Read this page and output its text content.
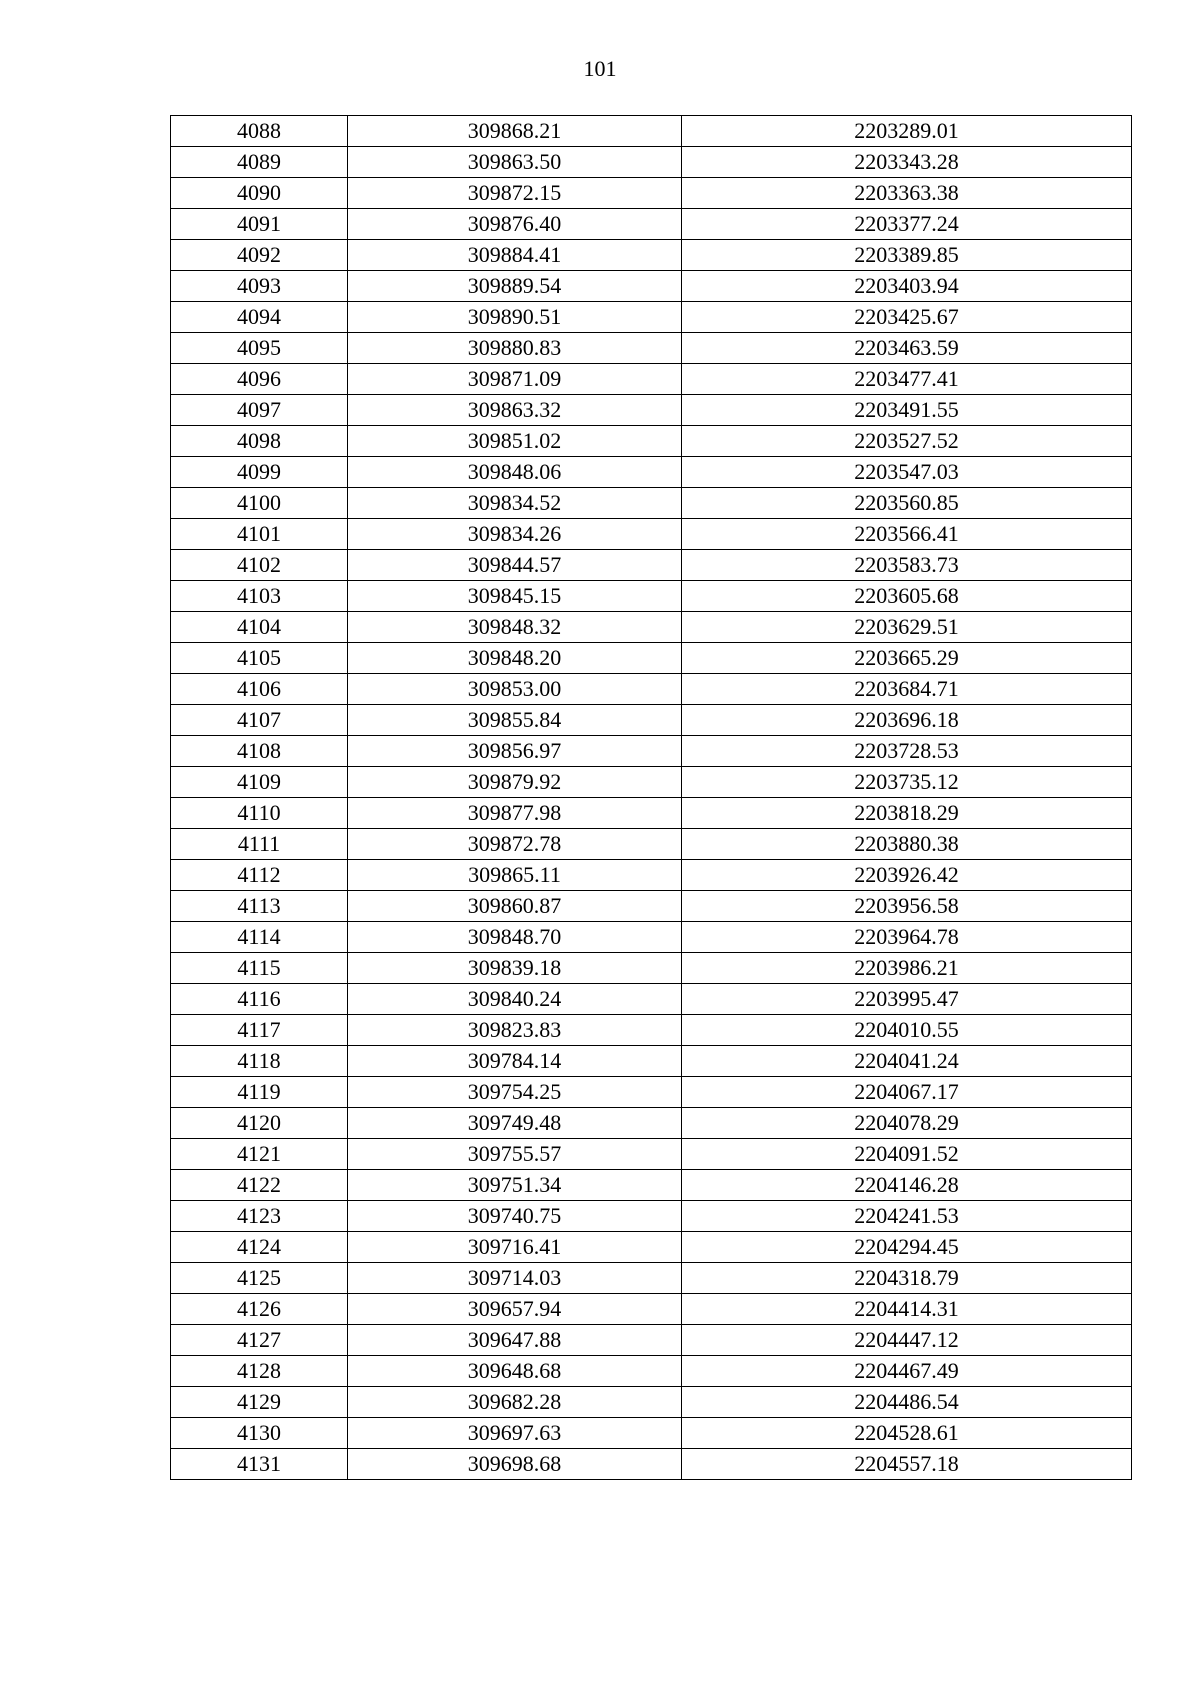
101
4088	309868.21	2203289.01
4089	309863.50	2203343.28
4090	309872.15	2203363.38
4091	309876.40	2203377.24
4092	309884.41	2203389.85
4093	309889.54	2203403.94
4094	309890.51	2203425.67
4095	309880.83	2203463.59
4096	309871.09	2203477.41
4097	309863.32	2203491.55
4098	309851.02	2203527.52
4099	309848.06	2203547.03
4100	309834.52	2203560.85
4101	309834.26	2203566.41
4102	309844.57	2203583.73
4103	309845.15	2203605.68
4104	309848.32	2203629.51
4105	309848.20	2203665.29
4106	309853.00	2203684.71
4107	309855.84	2203696.18
4108	309856.97	2203728.53
4109	309879.92	2203735.12
4110	309877.98	2203818.29
4111	309872.78	2203880.38
4112	309865.11	2203926.42
4113	309860.87	2203956.58
4114	309848.70	2203964.78
4115	309839.18	2203986.21
4116	309840.24	2203995.47
4117	309823.83	2204010.55
4118	309784.14	2204041.24
4119	309754.25	2204067.17
4120	309749.48	2204078.29
4121	309755.57	2204091.52
4122	309751.34	2204146.28
4123	309740.75	2204241.53
4124	309716.41	2204294.45
4125	309714.03	2204318.79
4126	309657.94	2204414.31
4127	309647.88	2204447.12
4128	309648.68	2204467.49
4129	309682.28	2204486.54
4130	309697.63	2204528.61
4131	309698.68	2204557.18
